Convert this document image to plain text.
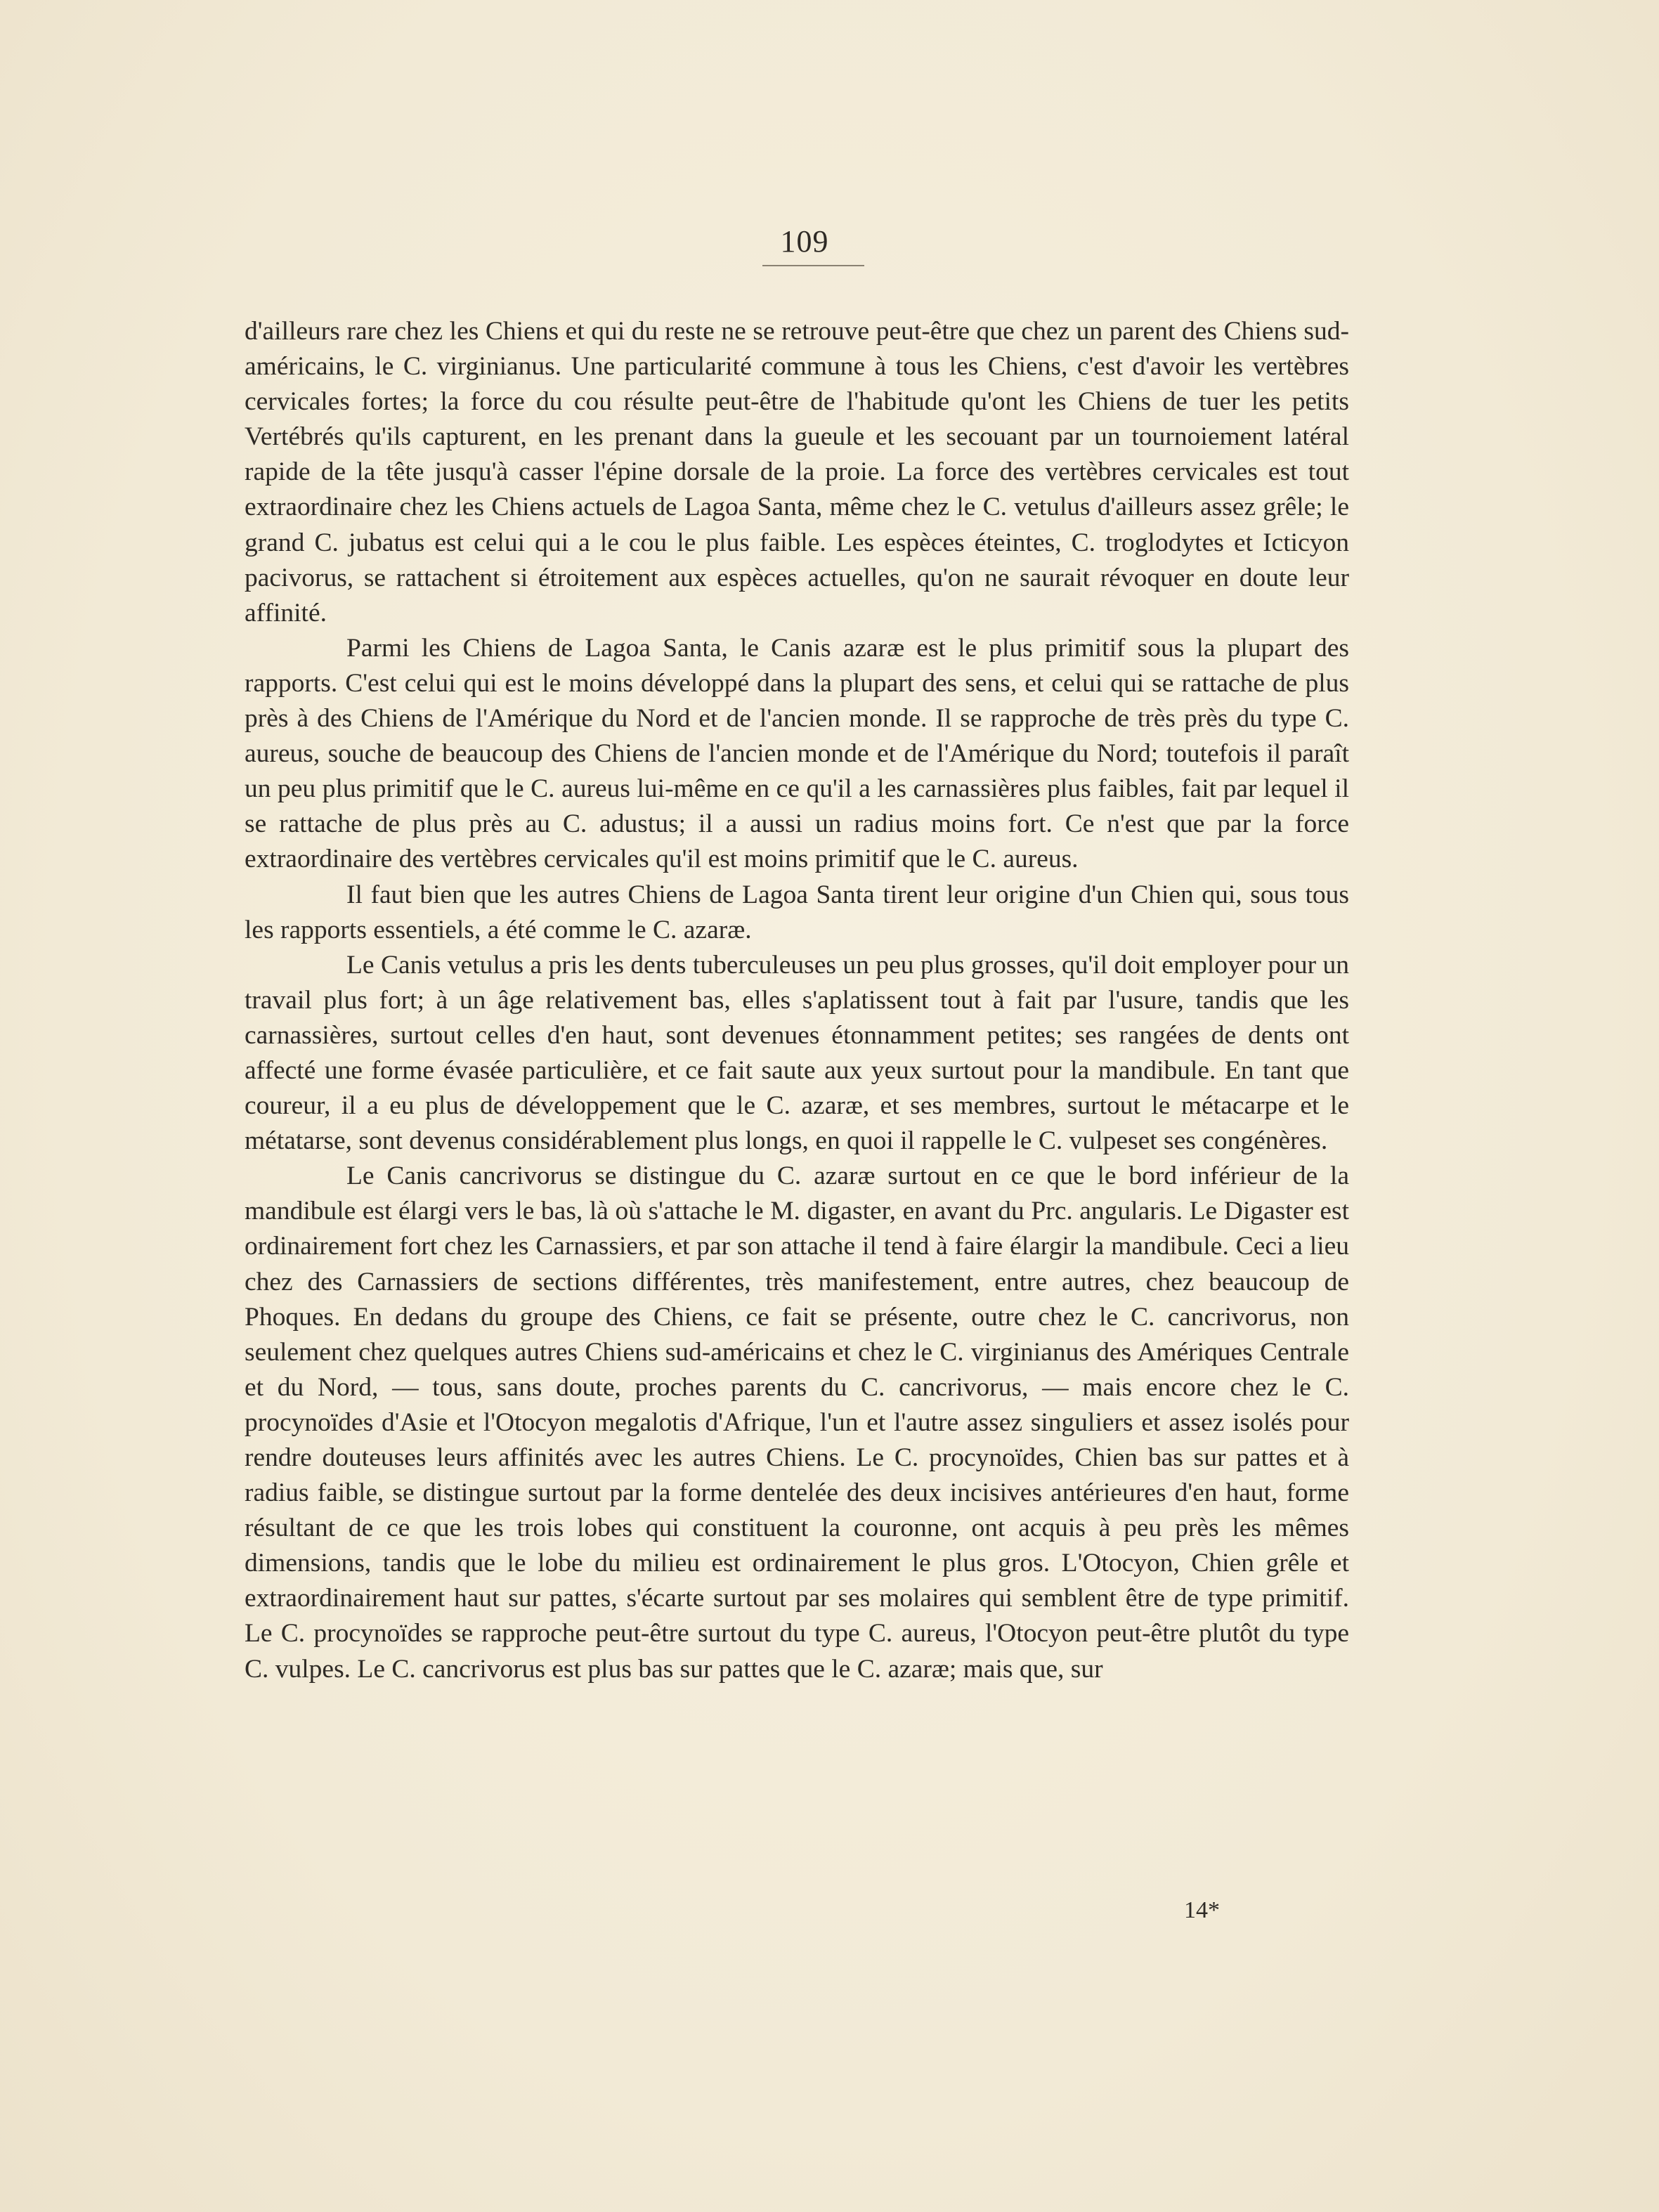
109

d'ailleurs rare chez les Chiens et qui du reste ne se retrouve peut-être que chez un parent des Chiens sud-américains, le C. virginianus. Une particularité commune à tous les Chiens, c'est d'avoir les vertèbres cervicales fortes; la force du cou résulte peut-être de l'habitude qu'ont les Chiens de tuer les petits Vertébrés qu'ils capturent, en les prenant dans la gueule et les secouant par un tournoiement latéral rapide de la tête jusqu'à casser l'épine dorsale de la proie. La force des vertèbres cervicales est tout extraordinaire chez les Chiens actuels de Lagoa Santa, même chez le C. vetulus d'ailleurs assez grêle; le grand C. jubatus est celui qui a le cou le plus faible. Les espèces éteintes, C. troglodytes et Icticyon pacivorus, se rattachent si étroitement aux espèces actuelles, qu'on ne saurait révoquer en doute leur affinité.

Parmi les Chiens de Lagoa Santa, le Canis azaræ est le plus primitif sous la plupart des rapports. C'est celui qui est le moins développé dans la plupart des sens, et celui qui se rattache de plus près à des Chiens de l'Amérique du Nord et de l'ancien monde. Il se rapproche de très près du type C. aureus, souche de beaucoup des Chiens de l'ancien monde et de l'Amérique du Nord; toutefois il paraît un peu plus primitif que le C. aureus lui-même en ce qu'il a les carnassières plus faibles, fait par lequel il se rattache de plus près au C. adustus; il a aussi un radius moins fort. Ce n'est que par la force extraordinaire des vertèbres cervicales qu'il est moins primitif que le C. aureus.

Il faut bien que les autres Chiens de Lagoa Santa tirent leur origine d'un Chien qui, sous tous les rapports essentiels, a été comme le C. azaræ.

Le Canis vetulus a pris les dents tuberculeuses un peu plus grosses, qu'il doit employer pour un travail plus fort; à un âge relativement bas, elles s'aplatissent tout à fait par l'usure, tandis que les carnassières, surtout celles d'en haut, sont devenues étonnamment petites; ses rangées de dents ont affecté une forme évasée particulière, et ce fait saute aux yeux surtout pour la mandibule. En tant que coureur, il a eu plus de développement que le C. azaræ, et ses membres, surtout le métacarpe et le métatarse, sont devenus considérablement plus longs, en quoi il rappelle le C. vulpeset ses congénères.

Le Canis cancrivorus se distingue du C. azaræ surtout en ce que le bord inférieur de la mandibule est élargi vers le bas, là où s'attache le M. digaster, en avant du Prc. angularis. Le Digaster est ordinairement fort chez les Carnassiers, et par son attache il tend à faire élargir la mandibule. Ceci a lieu chez des Carnassiers de sections différentes, très manifestement, entre autres, chez beaucoup de Phoques. En dedans du groupe des Chiens, ce fait se présente, outre chez le C. cancrivorus, non seulement chez quelques autres Chiens sud-américains et chez le C. virginianus des Amériques Centrale et du Nord, — tous, sans doute, proches parents du C. cancrivorus, — mais encore chez le C. procynoïdes d'Asie et l'Otocyon megalotis d'Afrique, l'un et l'autre assez singuliers et assez isolés pour rendre douteuses leurs affinités avec les autres Chiens. Le C. procynoïdes, Chien bas sur pattes et à radius faible, se distingue surtout par la forme dentelée des deux incisives antérieures d'en haut, forme résultant de ce que les trois lobes qui constituent la couronne, ont acquis à peu près les mêmes dimensions, tandis que le lobe du milieu est ordinairement le plus gros. L'Otocyon, Chien grêle et extraordinairement haut sur pattes, s'écarte surtout par ses molaires qui semblent être de type primitif. Le C. procynoïdes se rapproche peut-être surtout du type C. aureus, l'Otocyon peut-être plutôt du type C. vulpes. Le C. cancrivorus est plus bas sur pattes que le C. azaræ; mais que, sur

14*
